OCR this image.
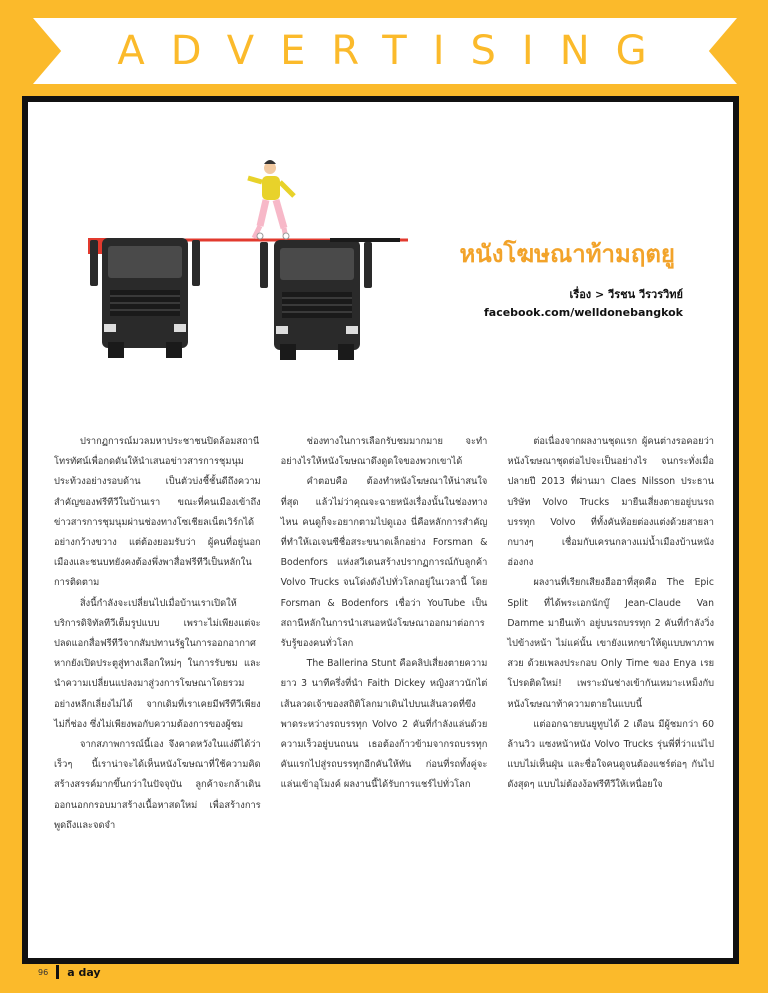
ADVERTISING
หนังโฆษณาท้ามฤตยู
เรื่อง > วีรชน วีรวรวิทย์
facebook.com/welldonebangkok

ปรากฏการณ์มวลมหาประชาชนปิดล้อมสถานีโทรทัศน์เพื่อกดดันให้นำเสนอข่าวสารการชุมนุมประท้วงอย่างรอบด้าน เป็นตัวบ่งชี้ชั้นดีถึงความสำคัญของฟรีทีวีในบ้านเรา ขณะที่คนเมืองเข้าถึงข่าวสารการชุมนุมผ่านช่องทางโซเชียลเน็ตเวิร์กได้อย่างกว้างขวาง แต่ต้องยอมรับว่า ผู้คนที่อยู่นอกเมืองและชนบทยังคงต้องพึ่งพาสื่อฟรีทีวีเป็นหลักในการติดตาม

สิ่งนี้กำลังจะเปลี่ยนไปเมื่อบ้านเราเปิดให้บริการดิจิทัลทีวีเต็มรูปแบบ เพราะไม่เพียงแต่จะปลดแอกสื่อฟรีทีวีจากสัมปทานรัฐในการออกอากาศ หากยังเปิดประตูสู่ทางเลือกใหม่ๆ ในการรับชม และนำความเปลี่ยนแปลงมาสู่วงการโฆษณาโดยรวมอย่างหลีกเลี่ยงไม่ได้ จากเดิมที่เราเคยมีฟรีทีวีเพียงไม่กี่ช่อง ซึ่งไม่เพียงพอกับความต้องการของผู้ชม

จากสภาพการณ์นี้เอง จึงคาดหวังในแง่ดีได้ว่าเร็วๆ นี้เราน่าจะได้เห็นหนังโฆษณาที่ใช้ความคิดสร้างสรรค์มากขึ้นกว่าในปัจจุบัน ลูกค้าจะกล้าเดินออกนอกกรอบมาสร้างเนื้อหาสดใหม่ เพื่อสร้างการพูดถึงและจดจำ

ช่องทางในการเลือกรับชมมากมาย จะทำอย่างไรให้หนังโฆษณาดึงดูดใจของพวกเขาได้

คำตอบคือ ต้องทำหนังโฆษณาให้น่าสนใจที่สุด แล้วไม่ว่าคุณจะฉายหนังเรื่องนั้นในช่องทางไหน คนดูก็จะอยากตามไปดูเอง นี่คือหลักการสำคัญที่ทำให้เอเจนซีชื่อสระขนาดเล็กอย่าง Forsman & Bodenfors แห่งสวีเดนสร้างปรากฏการณ์กับลูกค้า Volvo Trucks จนโด่งดังไปทั่วโลกอยู่ในเวลานี้ โดย Forsman & Bodenfors เชื่อว่า YouTube เป็นสถานีหลักในการนำเสนอหนังโฆษณาออกมาต่อการรับรู้ของคนทั่วโลก

The Ballerina Stunt คือคลิปเสี่ยงตายความยาว 3 นาทีครึ่งที่นำ Faith Dickey หญิงสาวนักไต่เส้นลวดเจ้าของสถิติโลกมาเดินไปบนเส้นลวดที่ขึงพาดระหว่างรถบรรทุก Volvo 2 คันที่กำลังแล่นด้วยความเร็วอยู่บนถนน เธอต้องก้าวข้ามจากรถบรรทุกคันแรกไปสู่รถบรรทุกอีกคันให้ทัน ก่อนที่รถทั้งคู่จะแล่นเข้าอุโมงค์ ผลงานนี้ได้รับการแชร์ไปทั่วโลก

ต่อเนื่องจากผลงานชุดแรก ผู้คนต่างรอคอยว่าหนังโฆษณาชุดต่อไปจะเป็นอย่างไร จนกระทั่งเมื่อปลายปี 2013 ที่ผ่านมา Claes Nilsson ประธานบริษัท Volvo Trucks มายืนเสี่ยงตายอยู่บนรถบรรทุก Volvo ที่ทั้งคันห้อยต่องแต่งด้วยสายลากบางๆ เชื่อมกับเครนกลางแม่น้ำเมืองบ้านหนังฮ่องกง

ผลงานที่เรียกเสียงฮือฮาที่สุดคือ The Epic Split ที่ได้พระเอกนักบู๊ Jean-Claude Van Damme มายืนเท้า อยู่บนรถบรรทุก 2 คันที่กำลังวิ่งไปข้างหน้า ไม่แค่นั้น เขายังแหกขาให้ดูแบบพาภาพสวย ด้วยเพลงประกอบ Only Time ของ Enya เรย โปรดติดใหม่! เพราะมันช่างเข้ากันเหมาะเหม็งกับหนังโฆษณาท้าความตายในแบบนี้

แต่ออกฉายบนยูทูบได้ 2 เดือน มีผู้ชมกว่า 60 ล้านวิว แซงหน้าหนัง Volvo Trucks รุ่นพี่ที่ว่าแน่ไปแบบไม่เห็นฝุ่น และชื่อใจคนดูจนต้องแชร์ต่อๆ กันไปดังสุดๆ แบบไม่ต้องง้อฟรีทีวีให้เหนื่อยใจ

96 a day
